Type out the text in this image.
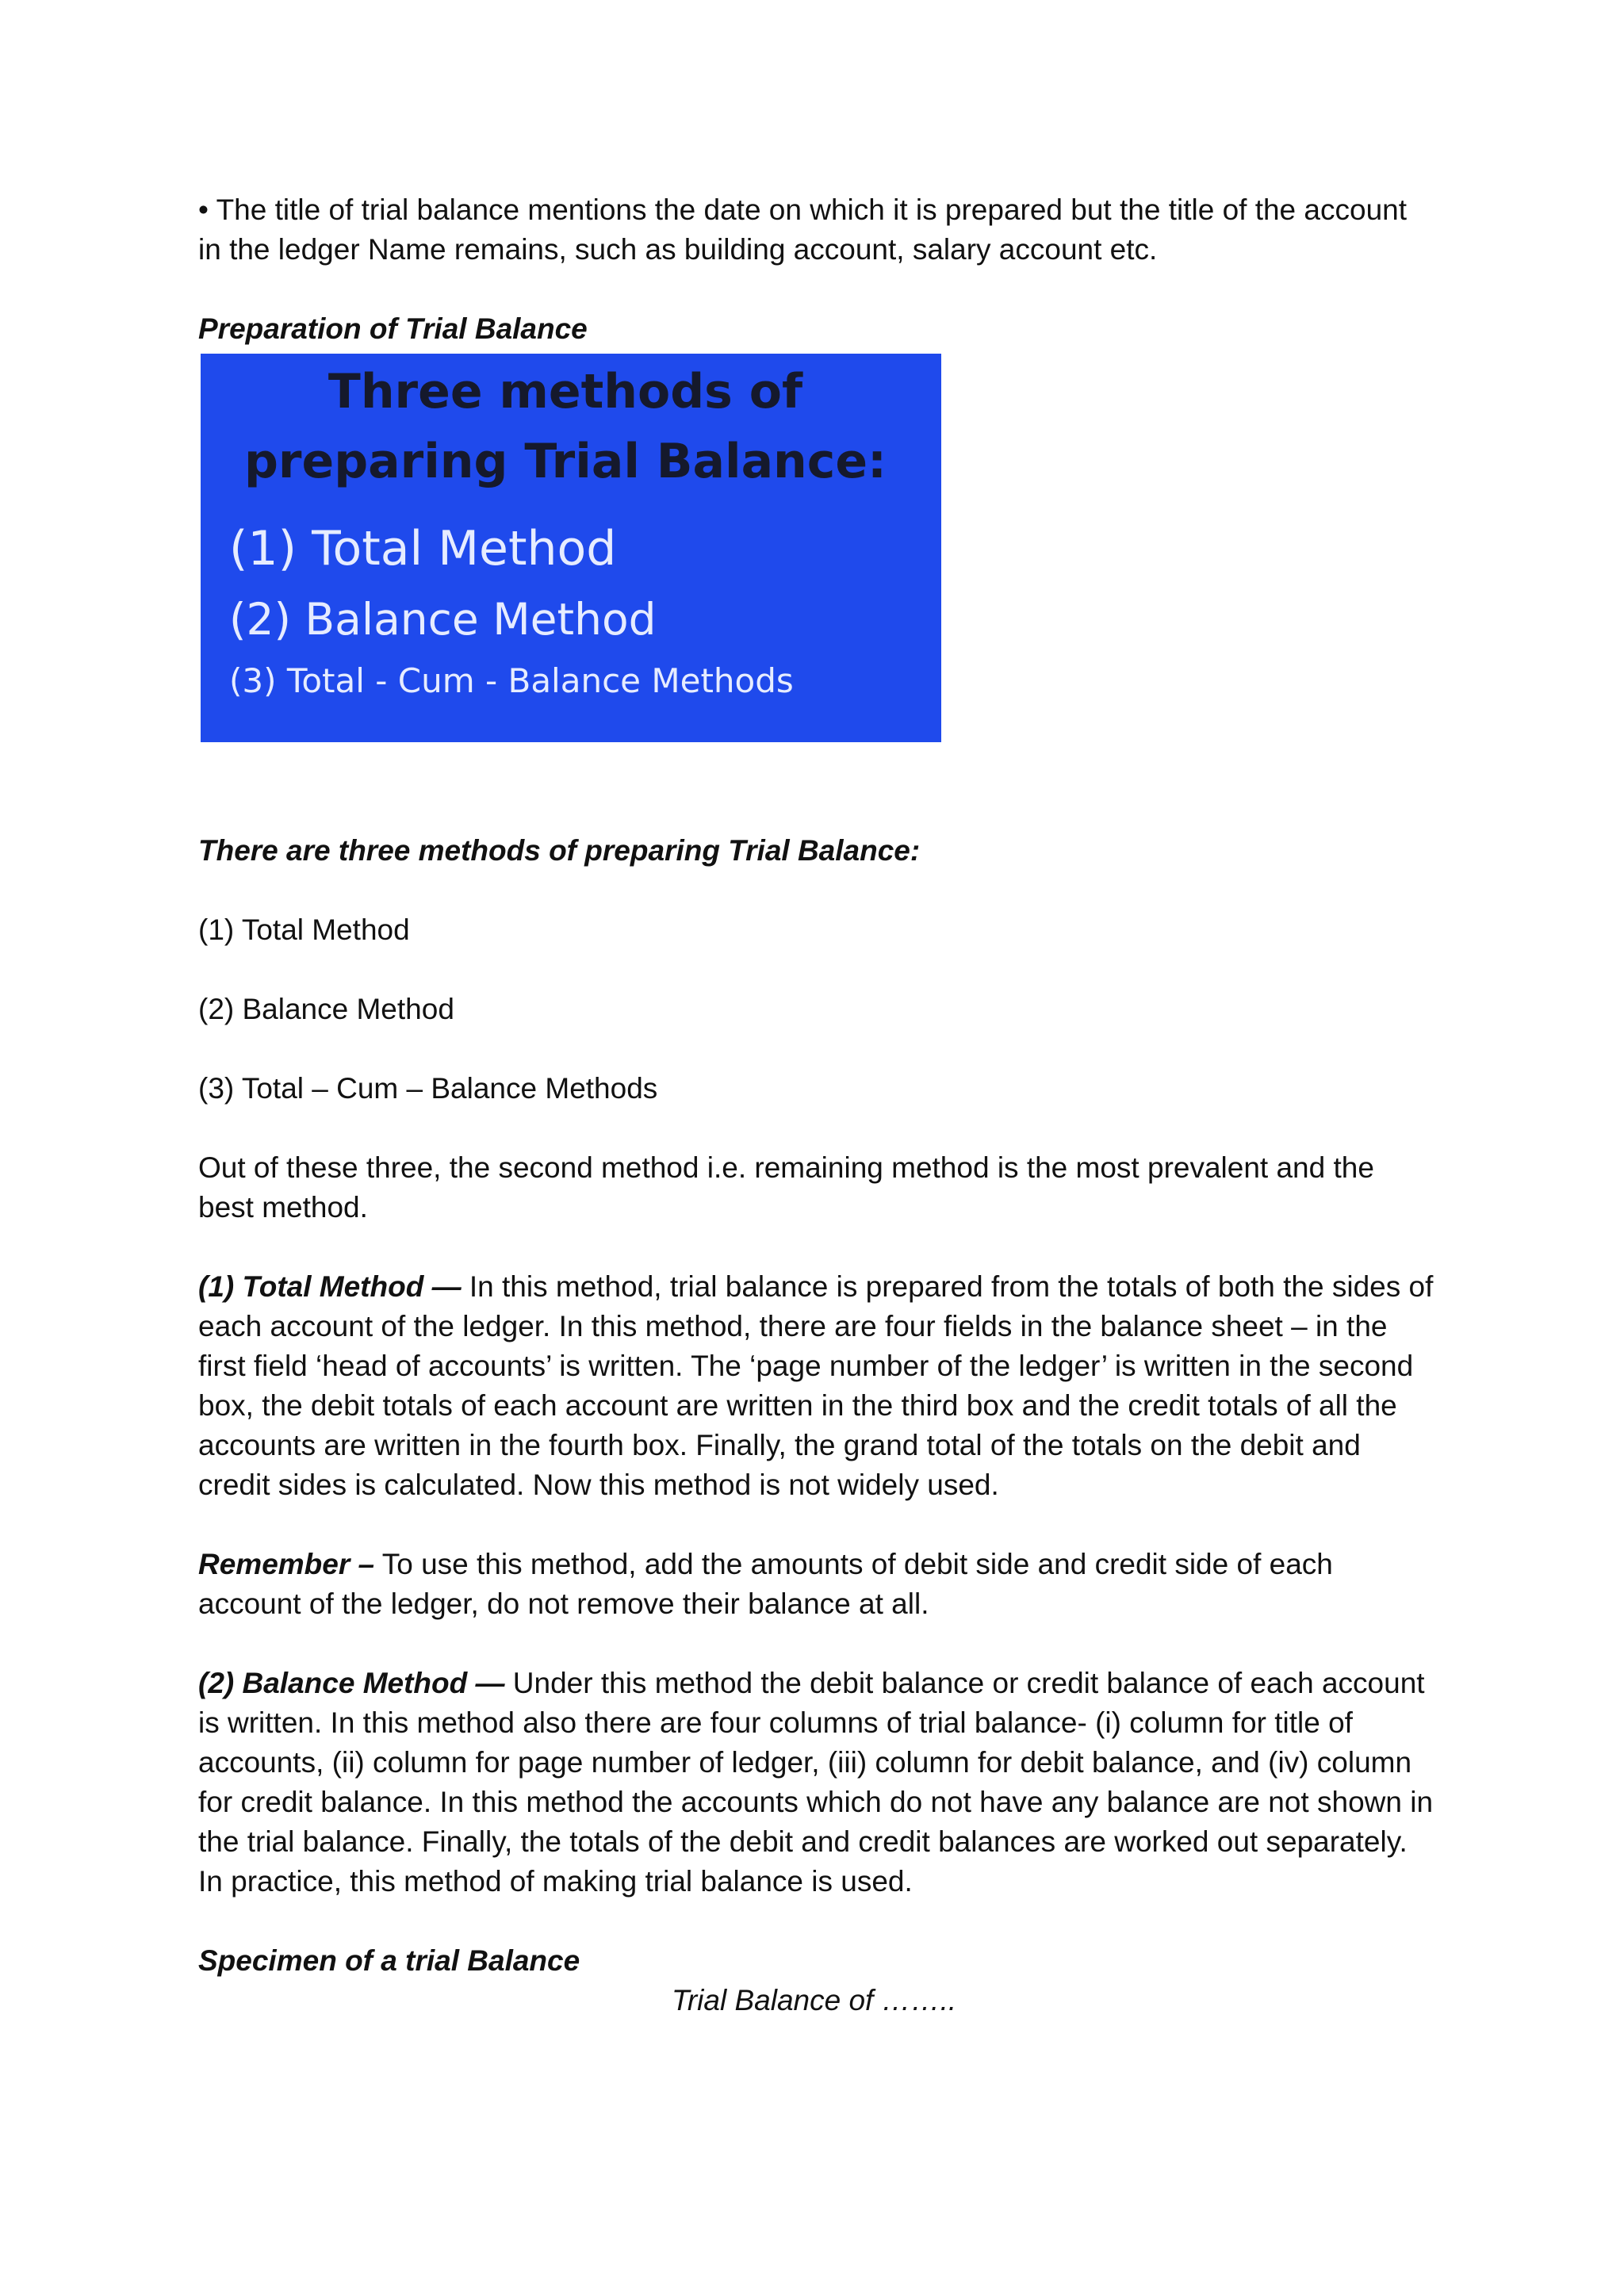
• The title of trial balance mentions the date on which it is prepared but the title of the account in the ledger Name remains, such as building account, salary account etc.

Preparation of Trial Balance

Three methods of
preparing Trial Balance:
(1) Total Method
(2) Balance Method
(3) Total - Cum - Balance Methods

There are three methods of preparing Trial Balance:

(1) Total Method

(2) Balance Method

(3) Total – Cum – Balance Methods

Out of these three, the second method i.e. remaining method is the most prevalent and the best method.

(1) Total Method — In this method, trial balance is prepared from the totals of both the sides of each account of the ledger. In this method, there are four fields in the balance sheet – in the first field ‘head of accounts’ is written. The ‘page number of the ledger’ is written in the second box, the debit totals of each account are written in the third box and the credit totals of all the accounts are written in the fourth box. Finally, the grand total of the totals on the debit and credit sides is calculated. Now this method is not widely used.

Remember – To use this method, add the amounts of debit side and credit side of each account of the ledger, do not remove their balance at all.

(2) Balance Method — Under this method the debit balance or credit balance of each account is written. In this method also there are four columns of trial balance- (i) column for title of accounts, (ii) column for page number of ledger, (iii) column for debit balance, and (iv) column for credit balance. In this method the accounts which do not have any balance are not shown in the trial balance. Finally, the totals of the debit and credit balances are worked out separately. In practice, this method of making trial balance is used.

Specimen of a trial Balance

Trial Balance of ……..
